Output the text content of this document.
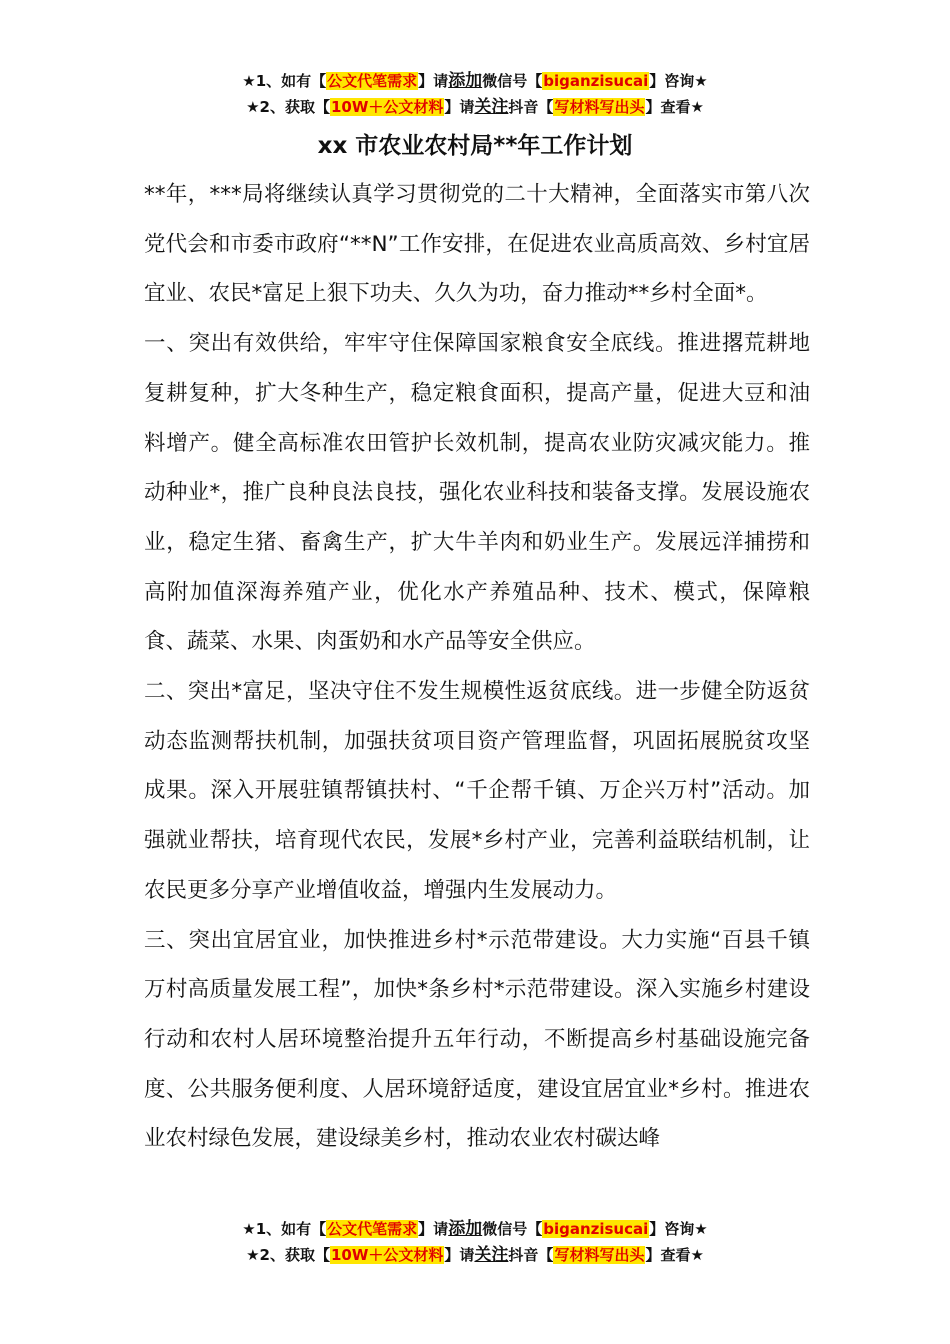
★1、如有【公文代笔需求】请添加微信号【biganzisucai】咨询★
★2、获取【10W＋公文材料】请关注抖音【写材料写出头】查看★
xx 市农业农村局**年工作计划

**年，***局将继续认真学习贯彻党的二十大精神，全面落实市第八次党代会和市委市政府“**N”工作安排，在促进农业高质高效、乡村宜居宜业、农民*富足上狠下功夫、久久为功，奋力推动**乡村全面*。

一、突出有效供给，牢牢守住保障国家粮食安全底线。推进撂荒耕地复耕复种，扩大冬种生产，稳定粮食面积，提高产量，促进大豆和油料增产。健全高标准农田管护长效机制，提高农业防灾减灾能力。推动种业*，推广良种良法良技，强化农业科技和装备支撑。发展设施农业，稳定生猪、畜禽生产，扩大牛羊肉和奶业生产。发展远洋捕捞和高附加值深海养殖产业，优化水产养殖品种、技术、模式，保障粮食、蔬菜、水果、肉蛋奶和水产品等安全供应。

二、突出*富足，坚决守住不发生规模性返贫底线。进一步健全防返贫动态监测帮扶机制，加强扶贫项目资产管理监督，巩固拓展脱贫攻坚成果。深入开展驻镇帮镇扶村、“千企帮千镇、万企兴万村”活动。加强就业帮扶，培育现代农民，发展*乡村产业，完善利益联结机制，让农民更多分享产业增值收益，增强内生发展动力。

三、突出宜居宜业，加快推进乡村*示范带建设。大力实施“百县千镇万村高质量发展工程”，加快*条乡村*示范带建设。深入实施乡村建设行动和农村人居环境整治提升五年行动，不断提高乡村基础设施完备度、公共服务便利度、人居环境舒适度，建设宜居宜业*乡村。推进农业农村绿色发展，建设绿美乡村，推动农业农村碳达峰

★1、如有【公文代笔需求】请添加微信号【biganzisucai】咨询★
★2、获取【10W＋公文材料】请关注抖音【写材料写出头】查看★
